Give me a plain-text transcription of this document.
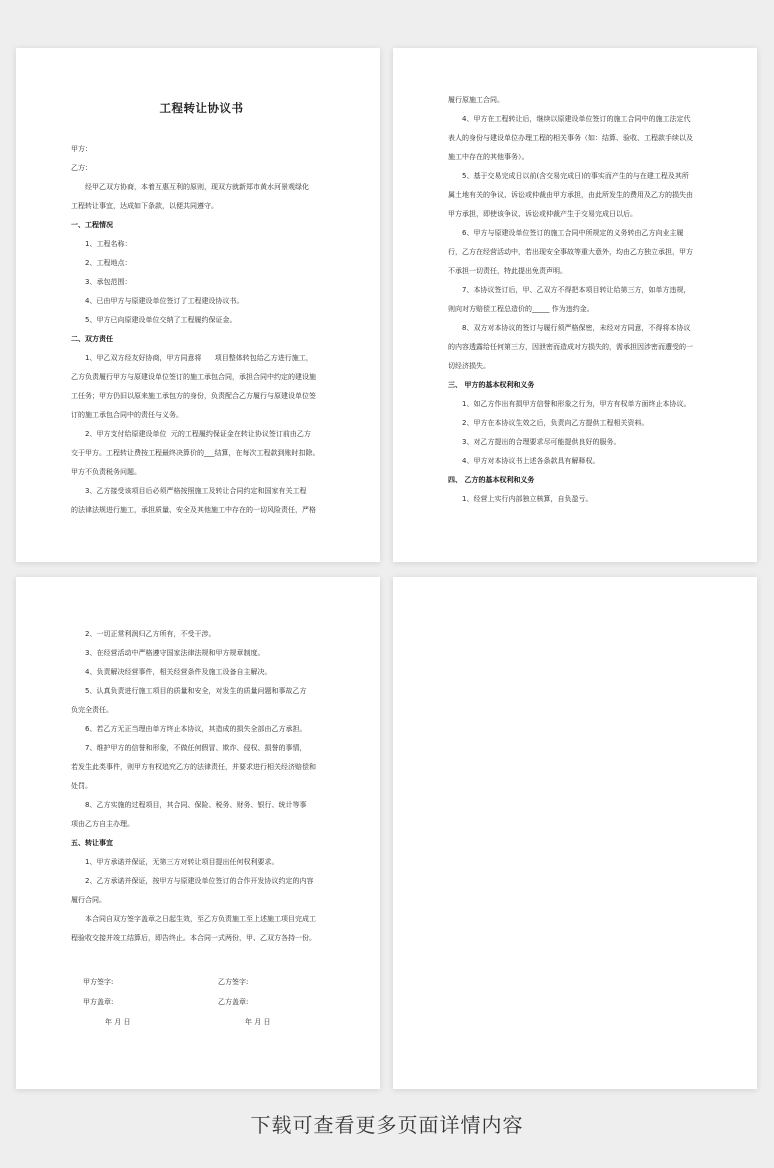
工程转让协议书

甲方：

乙方：

经甲乙双方协商，本着互惠互利的原则，现双方就新郑市黄水河景观绿化

工程转让事宜，达成如下条款，以便共同遵守。

一、工程情况

1、工程名称：

2、工程地点：

3、承包范围：

4、已由甲方与原建设单位签订了工程建设协议书。

5、甲方已向原建设单位交纳了工程履约保证金。

二、双方责任

1、甲乙双方经友好协商，甲方同意将      项目整体转包给乙方进行施工，

乙方负责履行甲方与原建设单位签订的施工承包合同，承担合同中约定的建设施

工任务；甲方仍旧以原来施工承包方的身份，负责配合乙方履行与原建设单位签

订的施工承包合同中的责任与义务。

2、甲方支付给原建设单位  元的工程履约保证金在转让协议签订前由乙方

交于甲方。工程转让费按工程最终决算价的___结算，在每次工程款到账时扣除。

甲方不负责税务问题。

3、乙方接受该项目后必须严格按照施工及转让合同约定和国家有关工程

的法律法规进行施工，承担质量、安全及其他施工中存在的一切风险责任，严格

履行原施工合同。

4、甲方在工程转让后，继续以原建设单位签订的施工合同中的施工法定代

表人的身份与建设单位办理工程的相关事务（如：结算、验收、工程款手续以及

施工中存在的其他事务）。

5、基于交易完成日以前(含交易完成日)的事实而产生的与在建工程及其所

属土地有关的争议、诉讼或仲裁由甲方承担，由此所发生的费用及乙方的损失由

甲方承担，即使该争议、诉讼或仲裁产生于交易完成日以后。

6、甲方与原建设单位签订的施工合同中所规定的义务转由乙方向业主履

行，乙方在经营活动中，若出现安全事故等重大意外，均由乙方独立承担，甲方

不承担一切责任，特此提出免责声明。

7、本协议签订后，甲、乙双方不得把本项目转让给第三方，如单方违规，

则向对方赔偿工程总造价的_____ 作为违约金。

8、双方对本协议的签订与履行须严格保密，未经对方同意，不得将本协议

的内容透露给任何第三方，因泄密而造成对方损失的，需承担因涉密而遭受的一

切经济损失。

三、 甲方的基本权利和义务

1、如乙方作出有损甲方信誉和形象之行为，甲方有权单方面终止本协议。

2、甲方在本协议生效之后，负责向乙方提供工程相关资料。

3、对乙方提出的合理要求尽可能提供良好的服务。

4、甲方对本协议书上述各条款具有解释权。

四、 乙方的基本权利和义务

1、经营上实行内部独立核算，自负盈亏。

2、一切正常利润归乙方所有，不受干涉。

3、在经营活动中严格遵守国家法律法规和甲方规章制度。

4、负责解决经营事件，相关经营条件及施工设备自主解决。

5、认真负责进行施工项目的质量和安全，对发生的质量问题和事故乙方

负完全责任。

6、若乙方无正当理由单方终止本协议，其造成的损失全部由乙方承担。

7、维护甲方的信誉和形象，不做任何假冒、欺诈、侵权、损誉的事情，

若发生此类事件，则甲方有权追究乙方的法律责任，并要求进行相关经济赔偿和

处罚。

8、乙方实施的过程项目，其合同、保险、税务、财务、银行、统计等事

项由乙方自主办理。

五、转让事宜

1、甲方承诺并保证，无第三方对转让项目提出任何权利要求。

2、乙方承诺并保证，按甲方与原建设单位签订的合作开发协议约定的内容

履行合同。

本合同自双方签字盖章之日起生效，至乙方负责施工至上述施工项目完成工

程验收交接并竣工结算后，即告终止。本合同一式两份，甲、乙双方各持一份。

甲方签字:	乙方签字:
甲方盖章:	乙方盖章:
年 月 日	年 月 日
下载可查看更多页面详情内容
